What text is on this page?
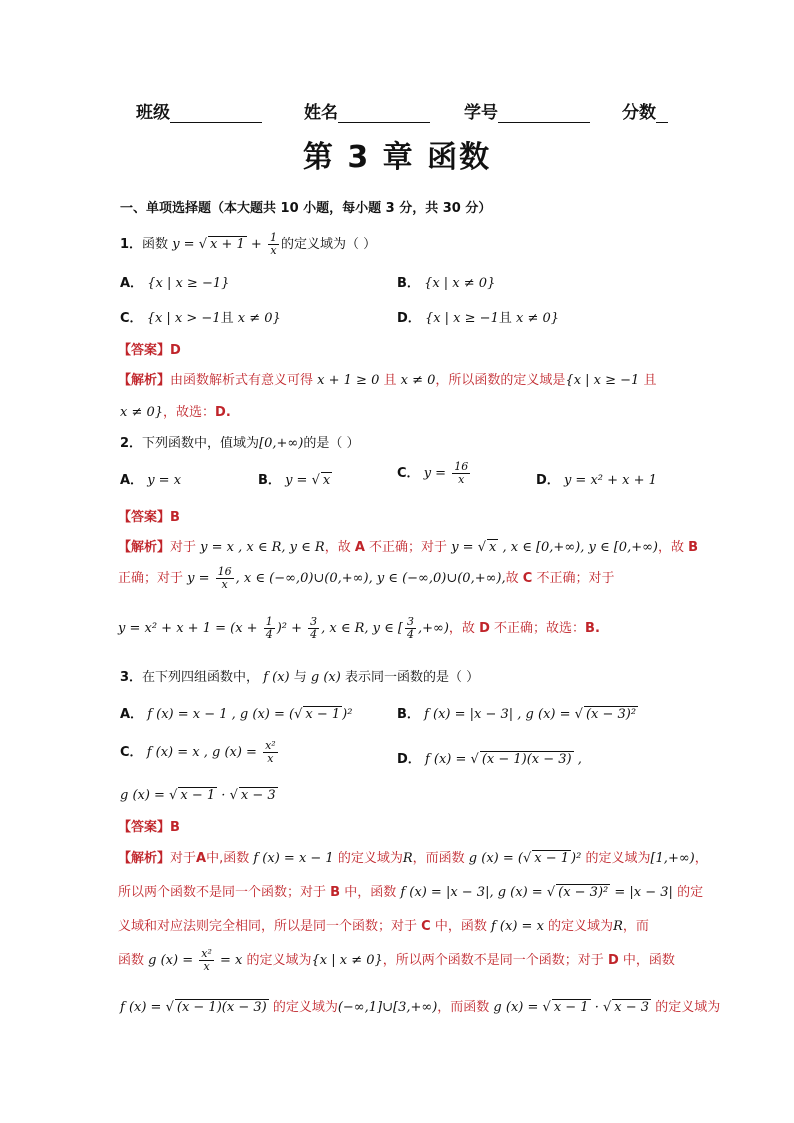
班级	姓名	学号	分数
第 3 章 函数
一、单项选择题（本大题共 10 小题，每小题 3 分，共 30 分）
1．函数 y = √ $x + 1 + \frac{1}{x}$ 的定义域为（ ）
A． {x | x ≥ −1}	B． {x | x ≠ 0}
C． {x | x > −1且 x ≠ 0}	D． {x | x ≥ −1且 x ≠ 0}
【答案】D
【解析】由函数解析式有意义可得 x + 1 ≥ 0 且 x ≠ 0，所以函数的定义域是{x | x ≥ −1 且
x ≠ 0}，故选：D.
2．下列函数中，值域为[0,+∞)的是（ ）
A． y = x	B． y = √ x	C． $y = \frac{16}{x}$	D． y = x² + x + 1
【答案】B
【解析】对于 y = x , x ∈ R, y ∈ R，故 A 不正确；对于 y = √ x , x ∈ [0,+∞), y ∈ [0,+∞)，故 B
正确；对于 $y = \frac{16}{x}$ , x ∈ (−∞,0)∪(0,+∞), y ∈ (−∞,0)∪(0,+∞),故 C 不正确；对于
$y = x^2 + x + 1 = (x + \frac{1}{4} )^2 + \frac{3}{4}$ , x ∈ R, y ∈ [ $\frac{3}{4}$ ,+∞)，故 D 不正确；故选：B.
3．在下列四组函数中， f (x) 与 g (x) 表示同一函数的是（ ）
A． f (x) = x − 1 , g (x) = (√ x − 1 )²	B． f (x) = |x − 3| , g (x) = √ (x − 3)²
C． f (x) = x , g $(x) = \frac{\text{x²}}{x}$	D． f (x) = √ (x − 1)(x − 3) ,
g (x) = √ x − 1 · √ x − 3
【答案】B
【解析】对于A中,函数 f (x) = x − 1 的定义域为R，而函数 g (x) = (√ x − 1 )² 的定义域为[1,+∞)，
所以两个函数不是同一个函数；对于 B 中，函数 f (x) = |x − 3|, g (x) = √ (x − 3)² = |x − 3| 的定
义域和对应法则完全相同，所以是同一个函数；对于 C 中，函数 f (x) = x 的定义域为R，而
函数 g $(x) = \frac{\text{x²}}{x} = x$ 的定义域为{x | x ≠ 0}，所以两个函数不是同一个函数；对于 D 中，函数
f (x) = √ (x − 1)(x − 3) 的定义域为(−∞,1]∪[3,+∞)，而函数 g (x) = √ x − 1 · √ x − 3 的定义域为
